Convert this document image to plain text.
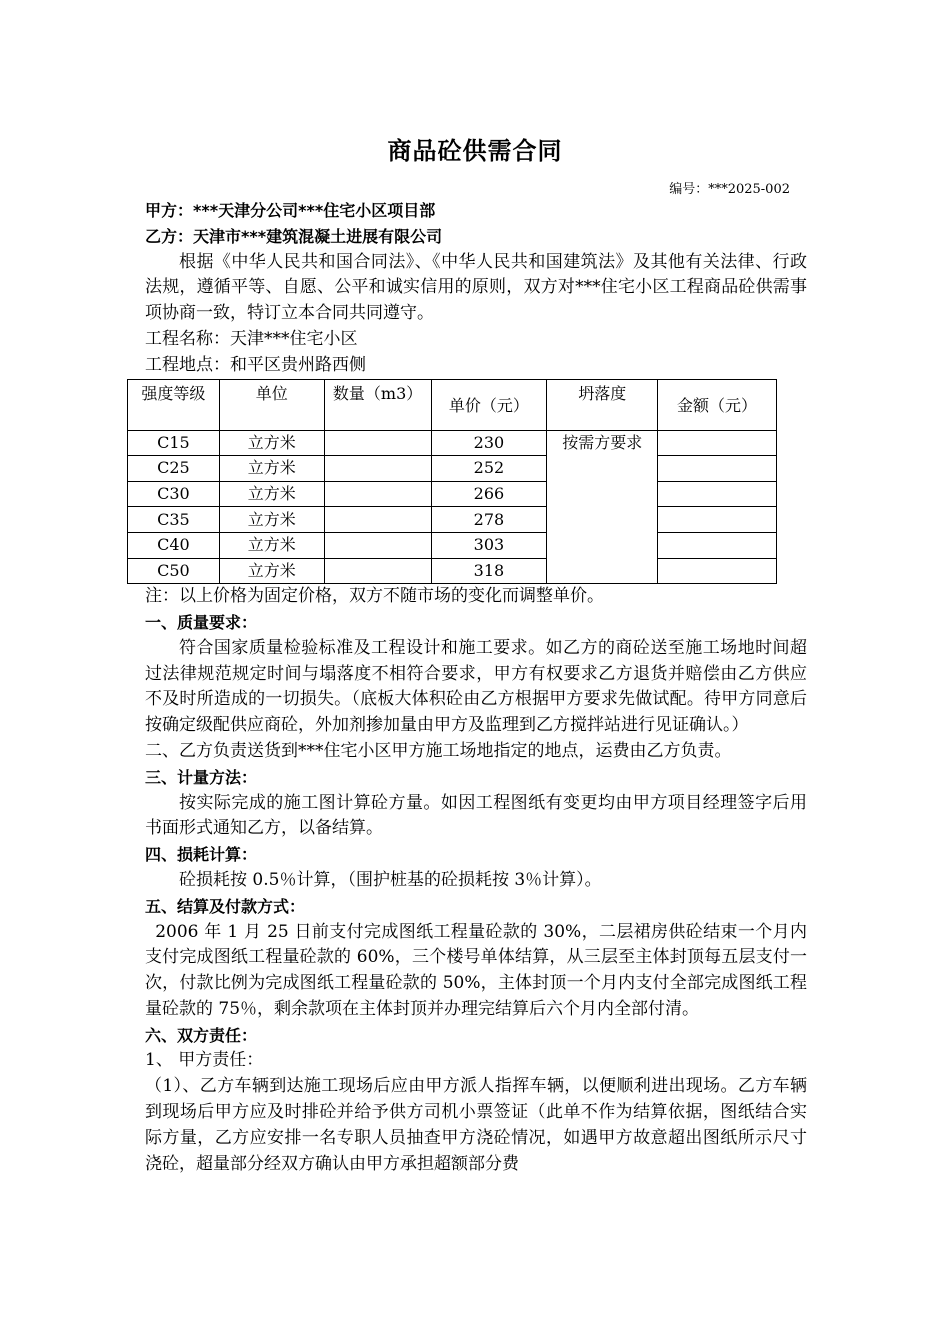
商品砼供需合同
编号：***2025-002
甲方：***天津分公司***住宅小区项目部
乙方：天津市***建筑混凝土进展有限公司
根据《中华人民共和国合同法》、《中华人民共和国建筑法》及其他有关法律、行政法规，遵循平等、自愿、公平和诚实信用的原则，双方对***住宅小区工程商品砼供需事项协商一致，特订立本合同共同遵守。
工程名称：天津***住宅小区
工程地点：和平区贵州路西侧
强度等级	单位	数量（m3）	单价（元）	坍落度	金额（元）
C15	立方米		230	按需方要求	
C25	立方米		252		
C30	立方米		266		
C35	立方米		278		
C40	立方米		303		
C50	立方米		318		
注：以上价格为固定价格，双方不随市场的变化而调整单价。
一、质量要求：
符合国家质量检验标准及工程设计和施工要求。如乙方的商砼送至施工场地时间超过法律规范规定时间与塌落度不相符合要求，甲方有权要求乙方退货并赔偿由乙方供应不及时所造成的一切损失。（底板大体积砼由乙方根据甲方要求先做试配。待甲方同意后按确定级配供应商砼，外加剂掺加量由甲方及监理到乙方搅拌站进行见证确认。）
二、乙方负责送货到***住宅小区甲方施工场地指定的地点，运费由乙方负责。
三、计量方法：
按实际完成的施工图计算砼方量。如因工程图纸有变更均由甲方项目经理签字后用书面形式通知乙方，以备结算。
四、损耗计算：
砼损耗按 0.5％计算，（围护桩基的砼损耗按 3％计算）。
五、结算及付款方式：
2006 年 1 月 25 日前支付完成图纸工程量砼款的 30%，二层裙房供砼结束一个月内支付完成图纸工程量砼款的 60%，三个楼号单体结算，从三层至主体封顶每五层支付一次，付款比例为完成图纸工程量砼款的 50%，主体封顶一个月内支付全部完成图纸工程量砼款的 75％，剩余款项在主体封顶并办理完结算后六个月内全部付清。
六、双方责任：
1、 甲方责任：
（1）、乙方车辆到达施工现场后应由甲方派人指挥车辆，以便顺利进出现场。乙方车辆到现场后甲方应及时排砼并给予供方司机小票签证（此单不作为结算依据，图纸结合实际方量，乙方应安排一名专职人员抽查甲方浇砼情况，如遇甲方故意超出图纸所示尺寸浇砼，超量部分经双方确认由甲方承担超额部分费
